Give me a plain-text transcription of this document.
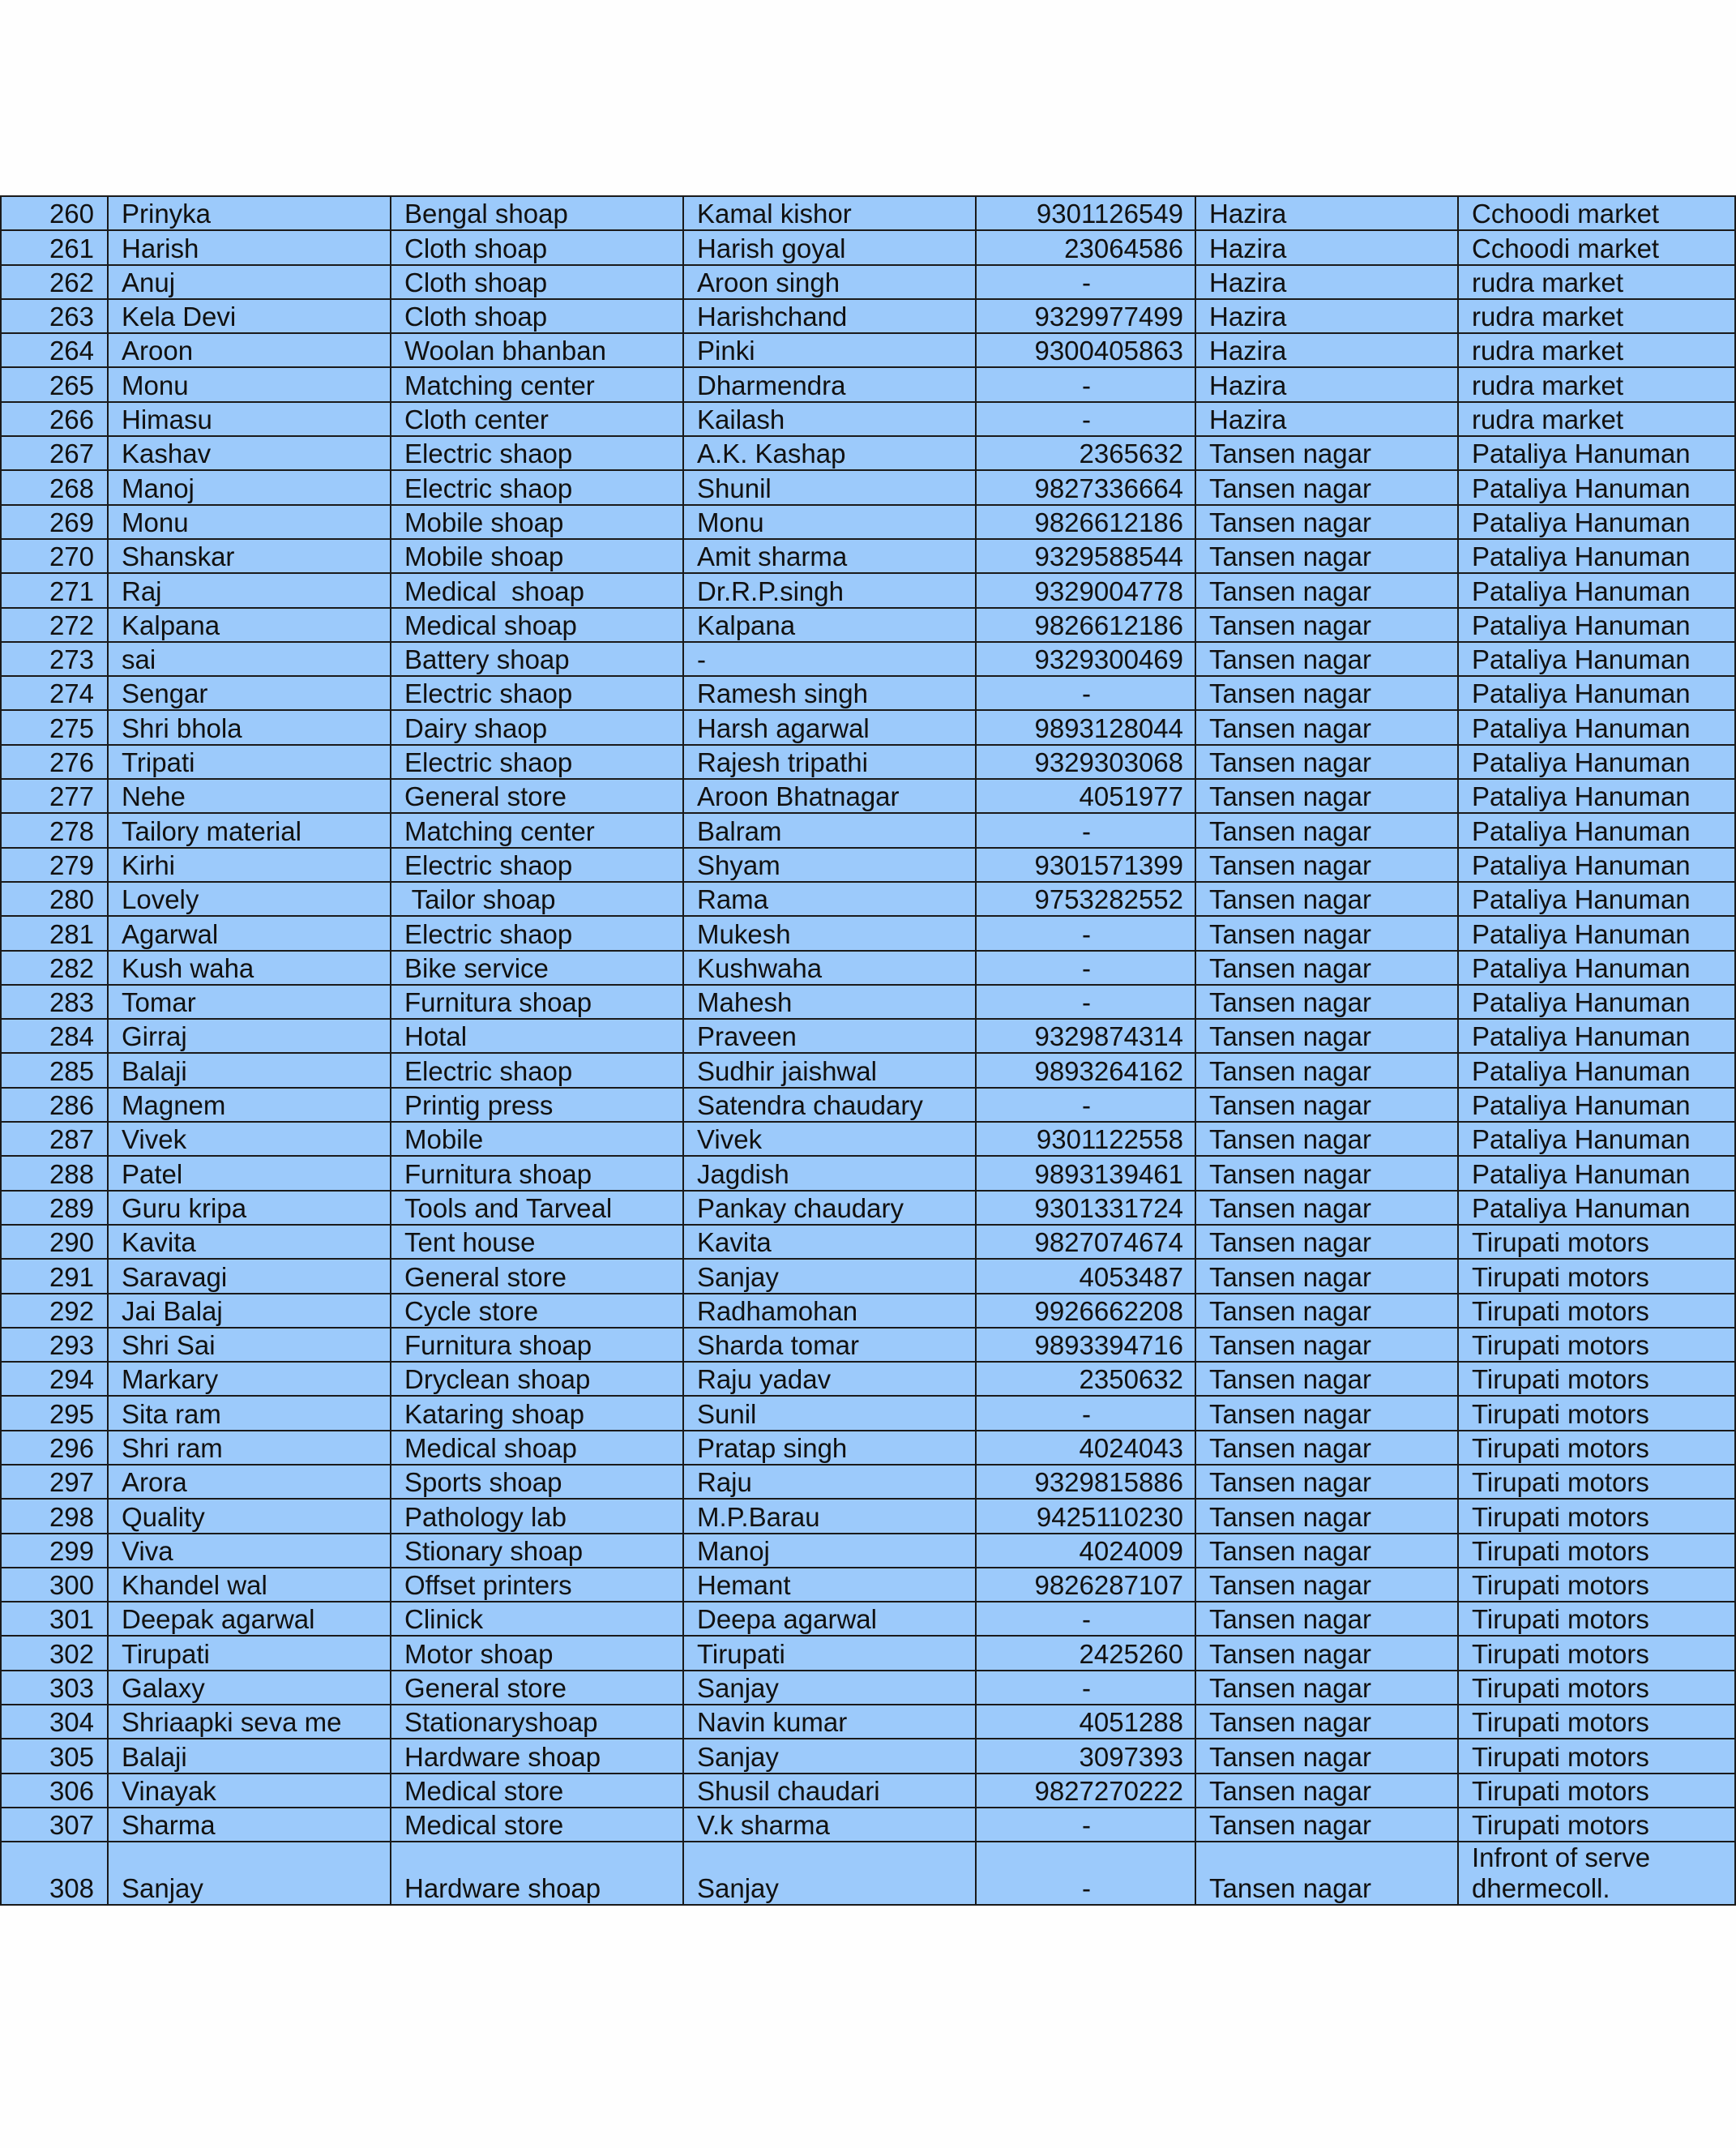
260	Prinyka	Bengal shoap	Kamal kishor	9301126549	Hazira	Cchoodi market
261	Harish	Cloth shoap	Harish goyal	23064586	Hazira	Cchoodi market
262	Anuj	Cloth shoap	Aroon singh	-	Hazira	rudra market
263	Kela Devi	Cloth shoap	Harishchand	9329977499	Hazira	rudra market
264	Aroon	Woolan bhanban	Pinki	9300405863	Hazira	rudra market
265	Monu	Matching center	Dharmendra	-	Hazira	rudra market
266	Himasu	Cloth center	Kailash	-	Hazira	rudra market
267	Kashav	Electric shaop	A.K. Kashap	2365632	Tansen nagar	Pataliya Hanuman
268	Manoj	Electric shaop	Shunil	9827336664	Tansen nagar	Pataliya Hanuman
269	Monu	Mobile shoap	Monu	9826612186	Tansen nagar	Pataliya Hanuman
270	Shanskar	Mobile shoap	Amit sharma	9329588544	Tansen nagar	Pataliya Hanuman
271	Raj	Medical  shoap	Dr.R.P.singh	9329004778	Tansen nagar	Pataliya Hanuman
272	Kalpana	Medical shoap	Kalpana	9826612186	Tansen nagar	Pataliya Hanuman
273	sai	Battery shoap	-	9329300469	Tansen nagar	Pataliya Hanuman
274	Sengar	Electric shaop	Ramesh singh	-	Tansen nagar	Pataliya Hanuman
275	Shri bhola	Dairy shaop	Harsh agarwal	9893128044	Tansen nagar	Pataliya Hanuman
276	Tripati	Electric shaop	Rajesh tripathi	9329303068	Tansen nagar	Pataliya Hanuman
277	Nehe	General store	Aroon Bhatnagar	4051977	Tansen nagar	Pataliya Hanuman
278	Tailory material	Matching center	Balram	-	Tansen nagar	Pataliya Hanuman
279	Kirhi	Electric shaop	Shyam	9301571399	Tansen nagar	Pataliya Hanuman
280	Lovely	Tailor shoap	Rama	9753282552	Tansen nagar	Pataliya Hanuman
281	Agarwal	Electric shaop	Mukesh	-	Tansen nagar	Pataliya Hanuman
282	Kush waha	Bike service	Kushwaha	-	Tansen nagar	Pataliya Hanuman
283	Tomar	Furnitura shoap	Mahesh	-	Tansen nagar	Pataliya Hanuman
284	Girraj	Hotal	Praveen	9329874314	Tansen nagar	Pataliya Hanuman
285	Balaji	Electric shaop	Sudhir jaishwal	9893264162	Tansen nagar	Pataliya Hanuman
286	Magnem	Printig press	Satendra chaudary	-	Tansen nagar	Pataliya Hanuman
287	Vivek	Mobile	Vivek	9301122558	Tansen nagar	Pataliya Hanuman
288	Patel	Furnitura shoap	Jagdish	9893139461	Tansen nagar	Pataliya Hanuman
289	Guru kripa	Tools and Tarveal	Pankay chaudary	9301331724	Tansen nagar	Pataliya Hanuman
290	Kavita	Tent house	Kavita	9827074674	Tansen nagar	Tirupati motors
291	Saravagi	General store	Sanjay	4053487	Tansen nagar	Tirupati motors
292	Jai Balaj	Cycle store	Radhamohan	9926662208	Tansen nagar	Tirupati motors
293	Shri Sai	Furnitura shoap	Sharda tomar	9893394716	Tansen nagar	Tirupati motors
294	Markary	Dryclean shoap	Raju yadav	2350632	Tansen nagar	Tirupati motors
295	Sita ram	Kataring shoap	Sunil	-	Tansen nagar	Tirupati motors
296	Shri ram	Medical shoap	Pratap singh	4024043	Tansen nagar	Tirupati motors
297	Arora	Sports shoap	Raju	9329815886	Tansen nagar	Tirupati motors
298	Quality	Pathology lab	M.P.Barau	9425110230	Tansen nagar	Tirupati motors
299	Viva	Stionary shoap	Manoj	4024009	Tansen nagar	Tirupati motors
300	Khandel wal	Offset printers	Hemant	9826287107	Tansen nagar	Tirupati motors
301	Deepak agarwal	Clinick	Deepa agarwal	-	Tansen nagar	Tirupati motors
302	Tirupati	Motor shoap	Tirupati	2425260	Tansen nagar	Tirupati motors
303	Galaxy	General store	Sanjay	-	Tansen nagar	Tirupati motors
304	Shriaapki seva me	Stationaryshoap	Navin kumar	4051288	Tansen nagar	Tirupati motors
305	Balaji	Hardware shoap	Sanjay	3097393	Tansen nagar	Tirupati motors
306	Vinayak	Medical store	Shusil chaudari	9827270222	Tansen nagar	Tirupati motors
307	Sharma	Medical store	V.k sharma	-	Tansen nagar	Tirupati motors
308	Sanjay	Hardware shoap	Sanjay	-	Tansen nagar	Infront of serve dhermecoll.
